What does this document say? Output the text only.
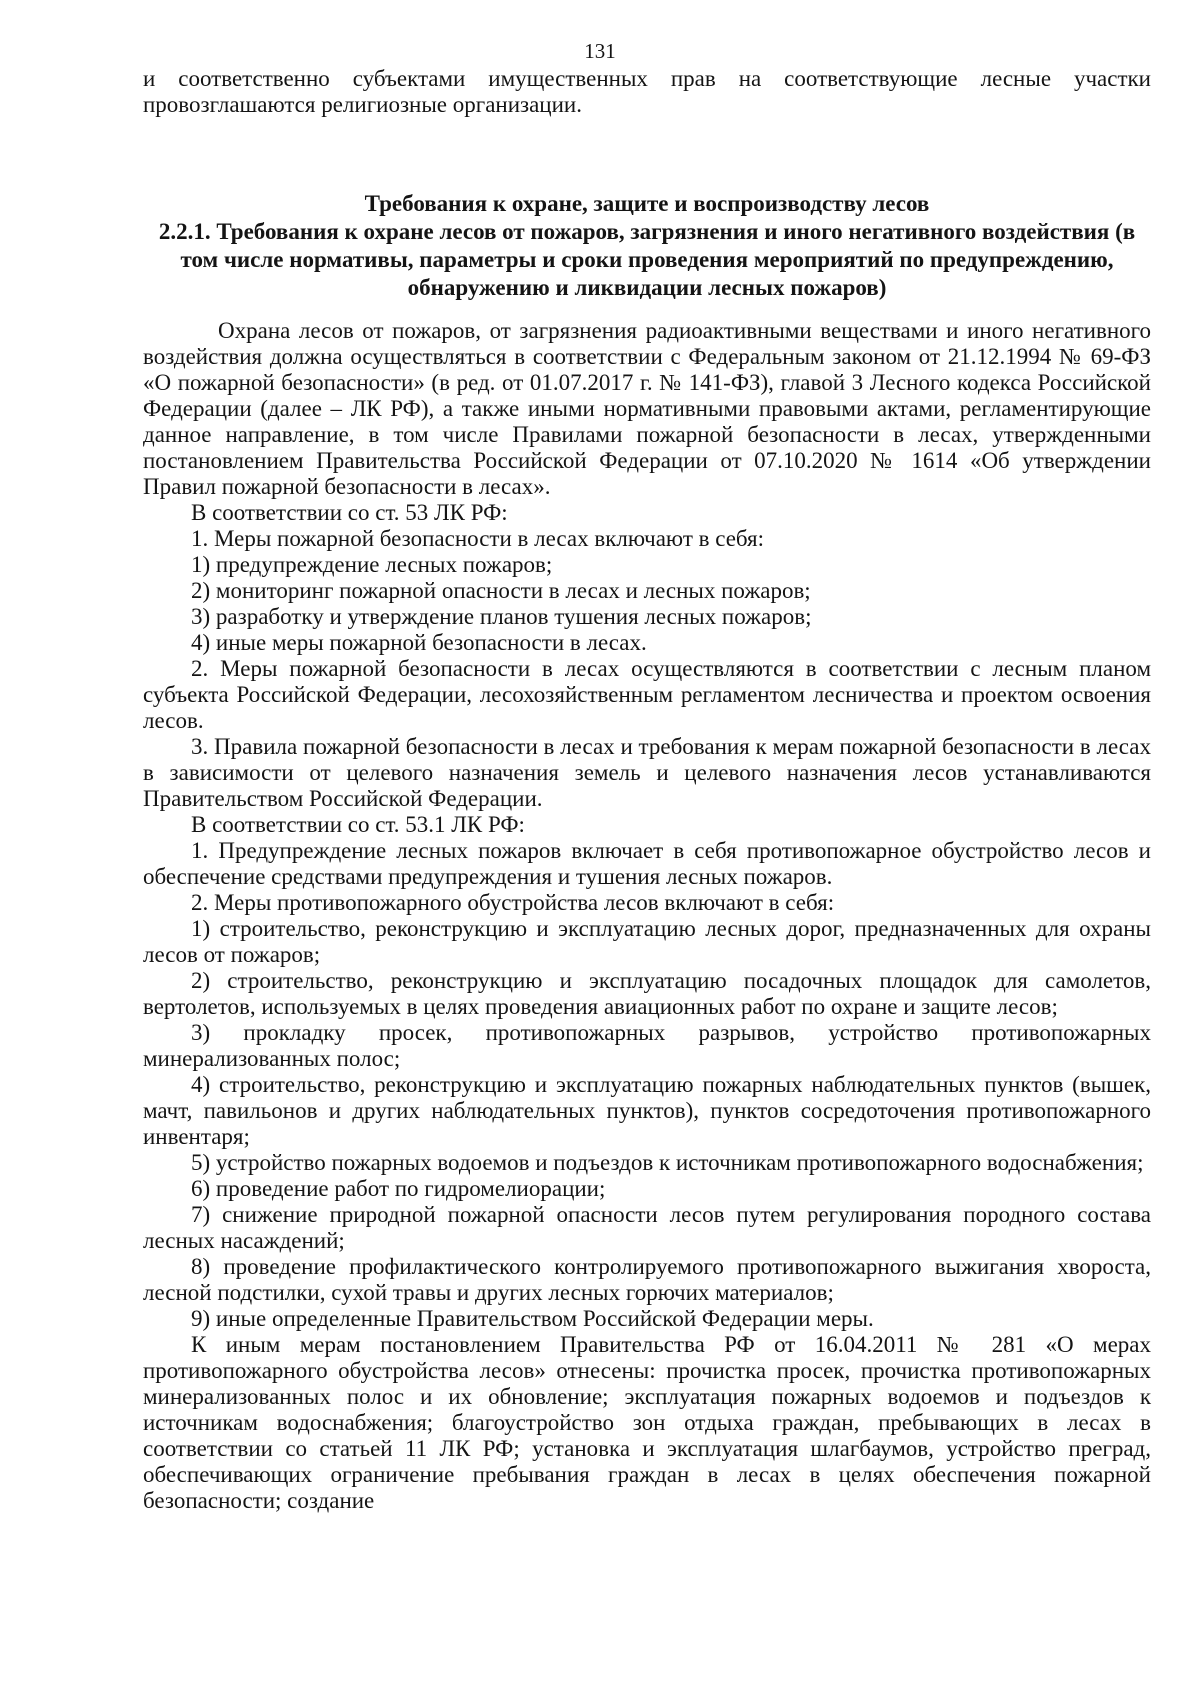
131

и соответственно субъектами имущественных прав на соответствующие лесные участки провозглашаются религиозные организации.

Требования к охране, защите и воспроизводству лесов

2.2.1. Требования к охране лесов от пожаров, загрязнения и иного негативного воздействия (в том числе нормативы, параметры и сроки проведения мероприятий по предупреждению, обнаружению и ликвидации лесных пожаров)

Охрана лесов от пожаров, от загрязнения радиоактивными веществами и иного негативного воздействия должна осуществляться в соответствии с Федеральным законом от 21.12.1994 № 69-ФЗ «О пожарной безопасности» (в ред. от 01.07.2017 г. № 141-ФЗ), главой 3 Лесного кодекса Российской Федерации (далее – ЛК РФ), а также иными нормативными правовыми актами, регламентирующие данное направление, в том числе Правилами пожарной безопасности в лесах, утвержденными постановлением Правительства Российской Федерации от 07.10.2020 № 1614 «Об утверждении Правил пожарной безопасности в лесах».

В соответствии со ст. 53 ЛК РФ:

1. Меры пожарной безопасности в лесах включают в себя:

1) предупреждение лесных пожаров;

2) мониторинг пожарной опасности в лесах и лесных пожаров;

3) разработку и утверждение планов тушения лесных пожаров;

4) иные меры пожарной безопасности в лесах.

2. Меры пожарной безопасности в лесах осуществляются в соответствии с лесным планом субъекта Российской Федерации, лесохозяйственным регламентом лесничества и проектом освоения лесов.

3. Правила пожарной безопасности в лесах и требования к мерам пожарной безопасности в лесах в зависимости от целевого назначения земель и целевого назначения лесов устанавливаются Правительством Российской Федерации.

В соответствии со ст. 53.1 ЛК РФ:

1. Предупреждение лесных пожаров включает в себя противопожарное обустройство лесов и обеспечение средствами предупреждения и тушения лесных пожаров.

2. Меры противопожарного обустройства лесов включают в себя:

1) строительство, реконструкцию и эксплуатацию лесных дорог, предназначенных для охраны лесов от пожаров;

2) строительство, реконструкцию и эксплуатацию посадочных площадок для самолетов, вертолетов, используемых в целях проведения авиационных работ по охране и защите лесов;

3) прокладку просек, противопожарных разрывов, устройство противопожарных минерализованных полос;

4) строительство, реконструкцию и эксплуатацию пожарных наблюдательных пунктов (вышек, мачт, павильонов и других наблюдательных пунктов), пунктов сосредоточения противопожарного инвентаря;

5) устройство пожарных водоемов и подъездов к источникам противопожарного водоснабжения;

6) проведение работ по гидромелиорации;

7) снижение природной пожарной опасности лесов путем регулирования породного состава лесных насаждений;

8) проведение профилактического контролируемого противопожарного выжигания хвороста, лесной подстилки, сухой травы и других лесных горючих материалов;

9) иные определенные Правительством Российской Федерации меры.

К иным мерам постановлением Правительства РФ от 16.04.2011 № 281 «О мерах противопожарного обустройства лесов» отнесены: прочистка просек, прочистка противопожарных минерализованных полос и их обновление; эксплуатация пожарных водоемов и подъездов к источникам водоснабжения; благоустройство зон отдыха граждан, пребывающих в лесах в соответствии со статьей 11 ЛК РФ; установка и эксплуатация шлагбаумов, устройство преград, обеспечивающих ограничение пребывания граждан в лесах в целях обеспечения пожарной безопасности; создание
